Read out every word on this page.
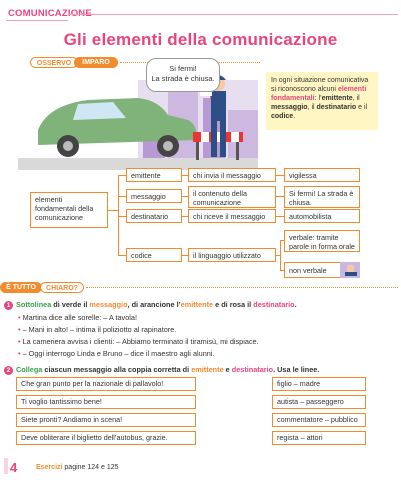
COMUNICAZIONE
Gli elementi della comunicazione
OSSERVO	IMPARO
Si fermi!
La strada è chiusa.	In ogni situazione comunicativa si riconoscono alcuni elementi fondamentali: l’emittente, il messaggio, il destinatario e il codice.
elementi fondamentali della comunicazione
emittente
messaggio
destinatario
codice
chi invia il messaggio
il contenuto della comunicazione
chi riceve il messaggio
il linguaggio utilizzato
vigilessa
Si fermi! La strada è chiusa.
automobilista
verbale: tramite parole in forma orale
non verbale
È TUTTO	CHIARO?
1 Sottolinea di verde il messaggio, di arancione l’emittente e di rosa il destinatario.
• Martina dice alle sorelle: – A tavola!
• – Mani in alto! – intima il poliziotto al rapinatore.
• La cameriera avvisa i clienti: – Abbiamo terminato il tiramisù, mi dispiace.
• – Oggi interrogo Linda e Bruno – dice il maestro agli alunni.
2 Collega ciascun messaggio alla coppia corretta di emittente e destinatario. Usa le linee.
Che gran punto per la nazionale di pallavolo!
Ti voglio tantissimo bene!
Siete pronti? Andiamo in scena!
Deve obliterare il biglietto dell’autobus, grazie.
figlio – madre
autista – passeggero
commentatore – pubblico
regista – attori
4	Esercizi pagine 124 e 125
